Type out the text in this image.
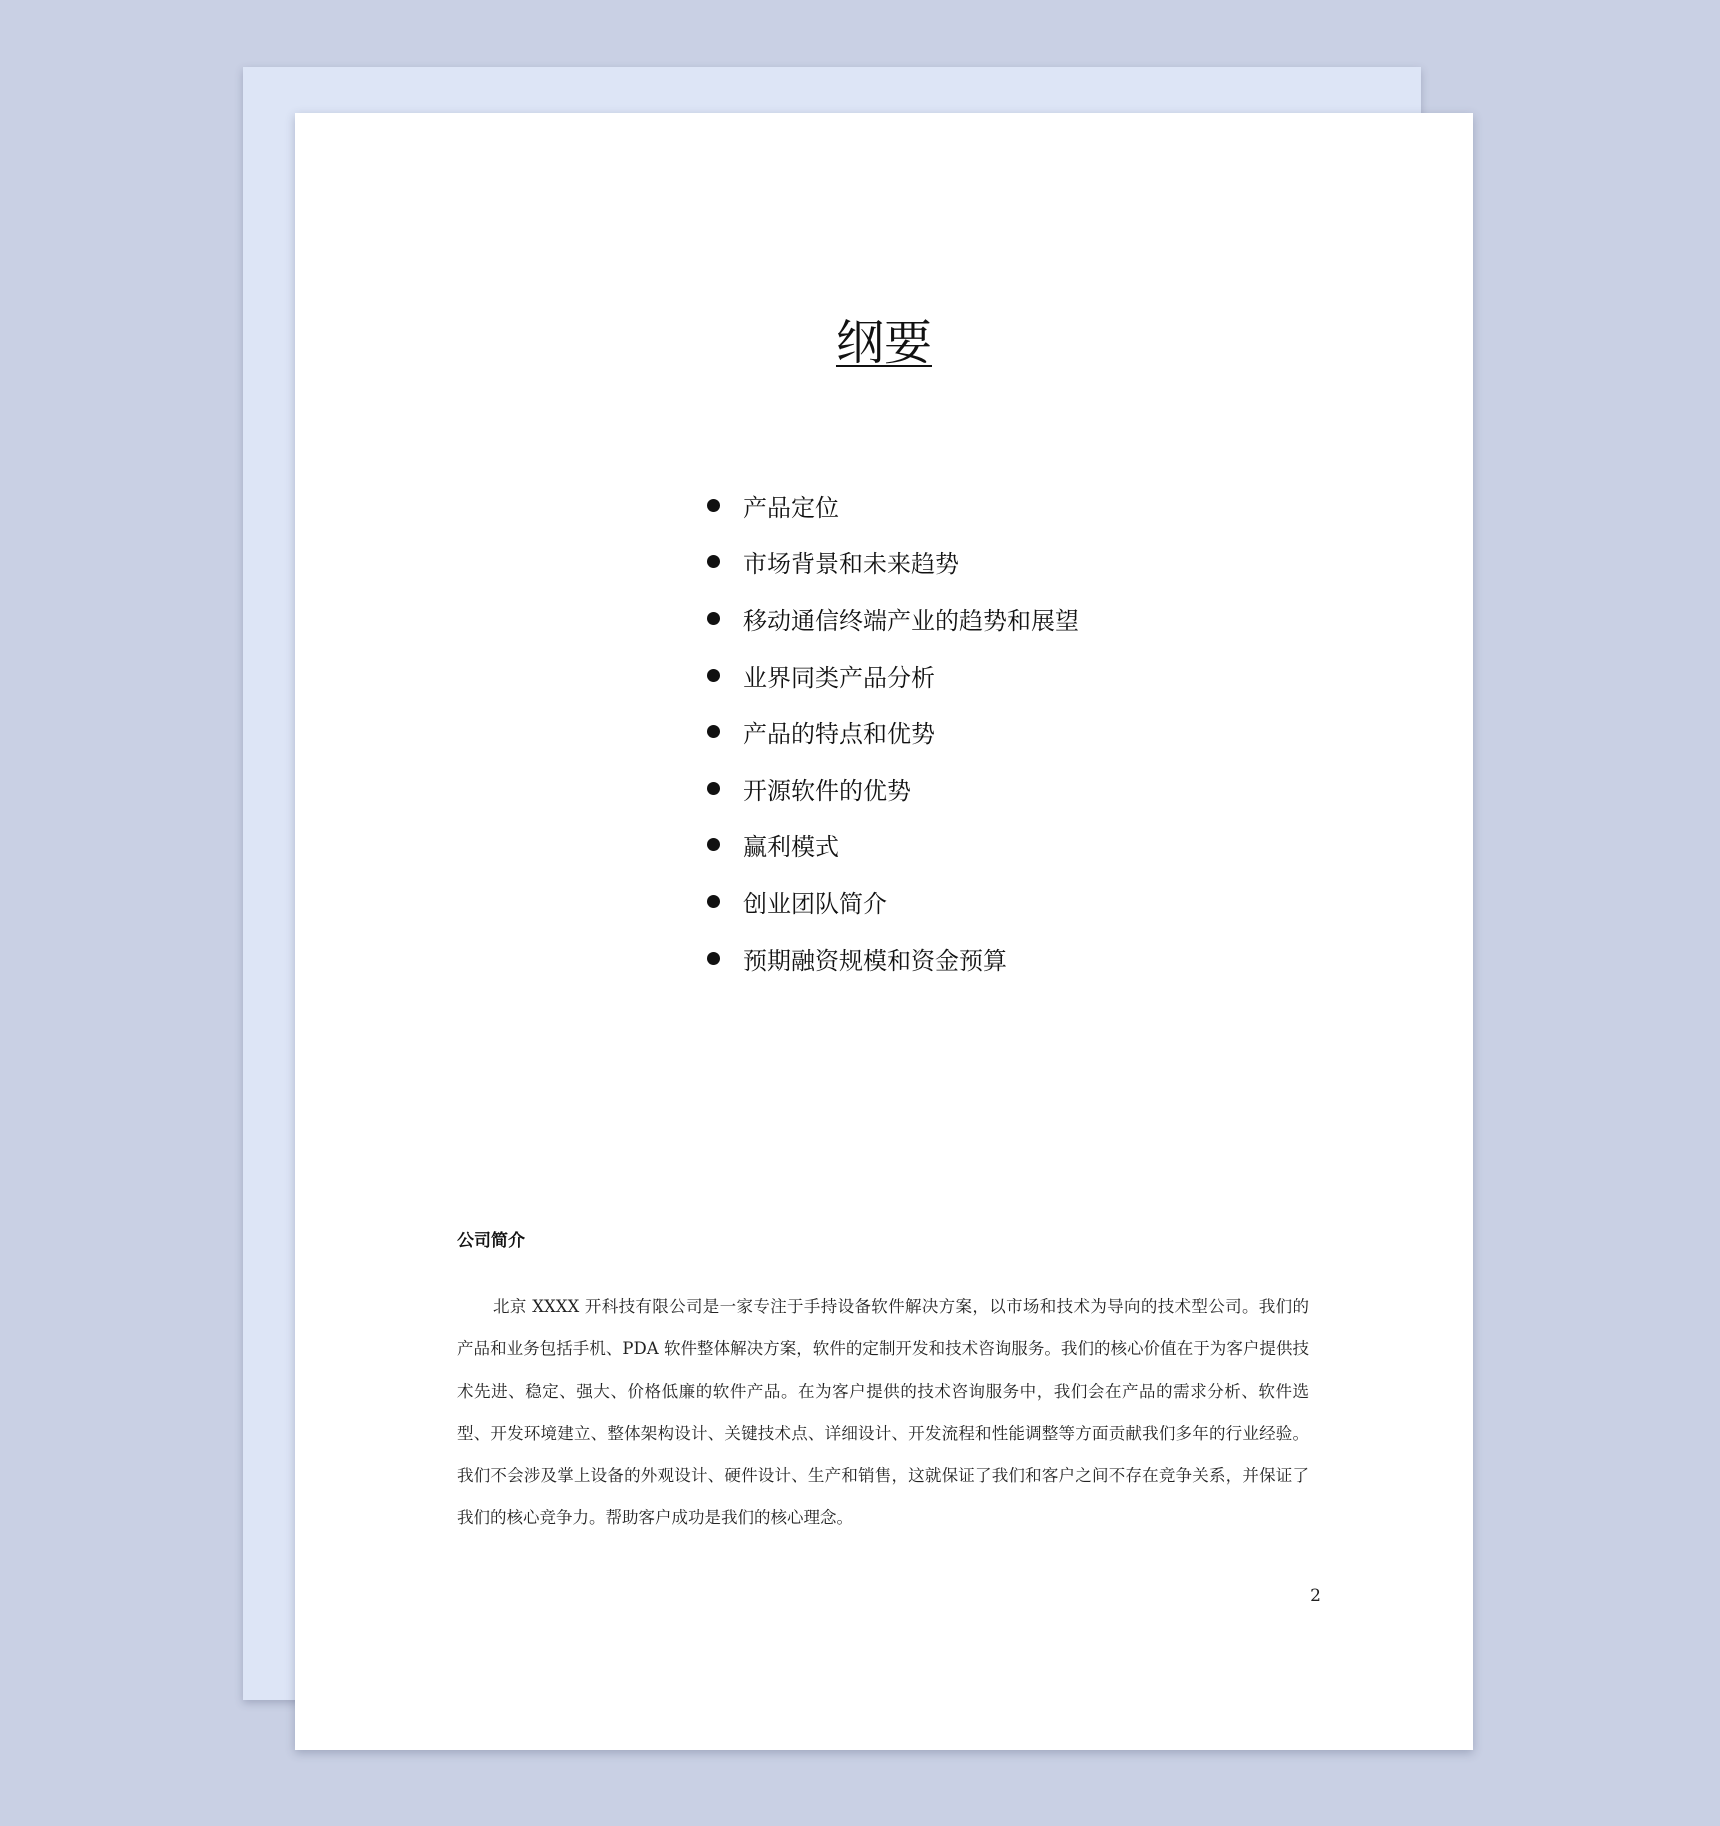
纲要
产品定位
市场背景和未来趋势
移动通信终端产业的趋势和展望
业界同类产品分析
产品的特点和优势
开源软件的优势
赢利模式
创业团队简介
预期融资规模和资金预算
公司简介

北京 XXXX 开科技有限公司是一家专注于手持设备软件解决方案，以市场和技术为导向的技术型公司。我们的产品和业务包括手机、PDA 软件整体解决方案，软件的定制开发和技术咨询服务。我们的核心价值在于为客户提供技术先进、稳定、强大、价格低廉的软件产品。在为客户提供的技术咨询服务中，我们会在产品的需求分析、软件选型、开发环境建立、整体架构设计、关键技术点、详细设计、开发流程和性能调整等方面贡献我们多年的行业经验。我们不会涉及掌上设备的外观设计、硬件设计、生产和销售，这就保证了我们和客户之间不存在竞争关系，并保证了我们的核心竞争力。帮助客户成功是我们的核心理念。

2
